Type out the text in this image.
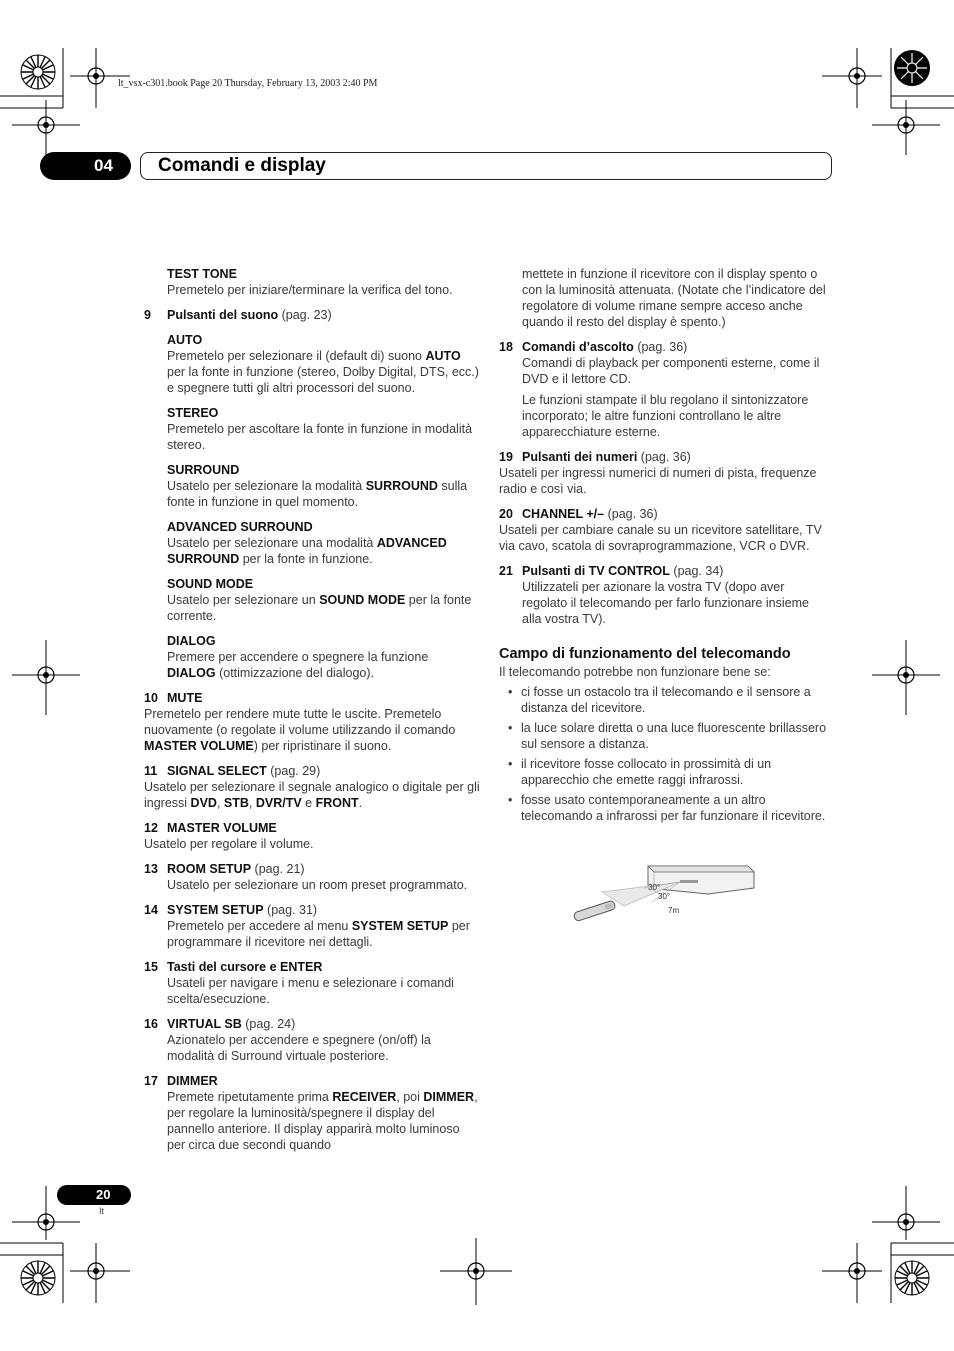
lt_vsx-c301.book Page 20 Thursday, February 13, 2003 2:40 PM
04 Comandi e display
TEST TONE
Premetelo per iniziare/terminare la verifica del tono.
9 Pulsanti del suono (pag. 23)
AUTO
Premetelo per selezionare il (default di) suono AUTO per la fonte in funzione (stereo, Dolby Digital, DTS, ecc.) e spegnere tutti gli altri processori del suono.
STEREO
Premetelo per ascoltare la fonte in funzione in modalità stereo.
SURROUND
Usatelo per selezionare la modalità SURROUND sulla fonte in funzione in quel momento.
ADVANCED SURROUND
Usatelo per selezionare una modalità ADVANCED SURROUND per la fonte in funzione.
SOUND MODE
Usatelo per selezionare un SOUND MODE per la fonte corrente.
DIALOG
Premere per accendere o spegnere la funzione DIALOG (ottimizzazione del dialogo).
10 MUTE
Premetelo per rendere mute tutte le uscite. Premetelo nuovamente (o regolate il volume utilizzando il comando MASTER VOLUME) per ripristinare il suono.
11 SIGNAL SELECT (pag. 29)
Usatelo per selezionare il segnale analogico o digitale per gli ingressi DVD, STB, DVR/TV e FRONT.
12 MASTER VOLUME
Usatelo per regolare il volume.
13 ROOM SETUP (pag. 21)
Usatelo per selezionare un room preset programmato.
14 SYSTEM SETUP (pag. 31)
Premetelo per accedere al menu SYSTEM SETUP per programmare il ricevitore nei dettagli.
15 Tasti del cursore e ENTER
Usateli per navigare i menu e selezionare i comandi scelta/esecuzione.
16 VIRTUAL SB (pag. 24)
Azionatelo per accendere e spegnere (on/off) la modalità di Surround virtuale posteriore.
17 DIMMER
Premete ripetutamente prima RECEIVER, poi DIMMER, per regolare la luminosità/spegnere il display del pannello anteriore. Il display apparirà molto luminoso per circa due secondi quando
mettete in funzione il ricevitore con il display spento o con la luminosità attenuata. (Notate che l’indicatore del regolatore di volume rimane sempre acceso anche quando il resto del display è spento.)
18 Comandi d’ascolto (pag. 36)
Comandi di playback per componenti esterne, come il DVD e il lettore CD.
Le funzioni stampate il blu regolano il sintonizzatore incorporato; le altre funzioni controllano le altre apparecchiature esterne.
19 Pulsanti dei numeri (pag. 36)
Usateli per ingressi numerici di numeri di pista, frequenze radio e così via.
20 CHANNEL +/– (pag. 36)
Usateli per cambiare canale su un ricevitore satellitare, TV via cavo, scatola di sovraprogrammazione, VCR o DVR.
21 Pulsanti di TV CONTROL (pag. 34)
Utilizzateli per azionare la vostra TV (dopo aver regolato il telecomando per farlo funzionare insieme alla vostra TV).
Campo di funzionamento del telecomando
Il telecomando potrebbe non funzionare bene se:
• ci fosse un ostacolo tra il telecomando e il sensore a distanza del ricevitore.
• la luce solare diretta o una luce fluorescente brillassero sul sensore a distanza.
• il ricevitore fosse collocato in prossimità di un apparecchio che emette raggi infrarossi.
• fosse usato contemporaneamente a un altro telecomando a infrarossi per far funzionare il ricevitore.
30°
30°
7m
20
It
